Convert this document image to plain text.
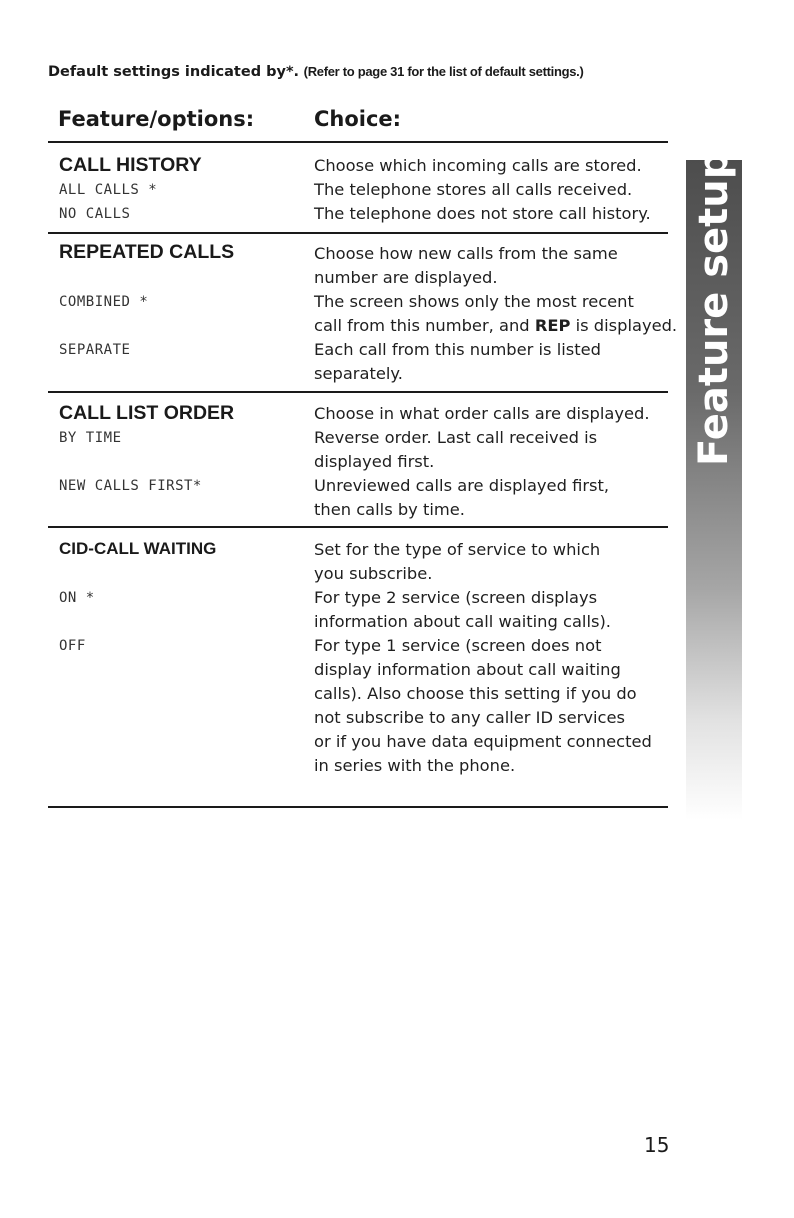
Default settings indicated by*. (Refer to page 31 for the list of default settings.)
Feature/options:	Choice:
CALL HISTORY	Choose which incoming calls are stored.
ALL CALLS *	The telephone stores all calls received.
NO CALLS	The telephone does not store call history.
REPEATED CALLS	Choose how new calls from the same
number are displayed.
COMBINED *	The screen shows only the most recent
call from this number, and REP is displayed.
SEPARATE	Each call from this number is listed
separately.
CALL LIST ORDER	Choose in what order calls are displayed.
BY TIME	Reverse order. Last call received is
displayed first.
NEW CALLS FIRST*	Unreviewed calls are displayed first,
then calls by time.
CID-CALL WAITING	Set for the type of service to which
you subscribe.
ON *	For type 2 service (screen displays
information about call waiting calls).
OFF	For type 1 service (screen does not
display information about call waiting
calls). Also choose this setting if you do
not subscribe to any caller ID services
or if you have data equipment connected
in series with the phone.
Feature setup
15
